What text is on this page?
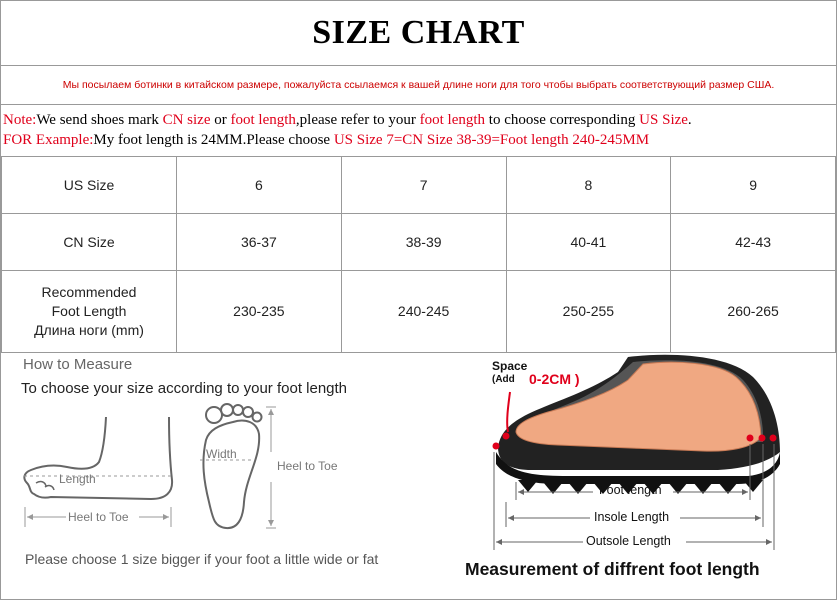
SIZE CHART
Мы посылаем ботинки в китайском размере, пожалуйста ссылаемся к вашей длине ноги для того чтобы выбрать соответствующий размер США.
Note:We send shoes mark CN size or foot length,please refer to your foot length to choose corresponding US Size.
FOR Example:My foot length is 24MM.Please choose US Size 7=CN Size 38-39=Foot length 240-245MM
US Size	6	7	8	9
CN Size	36-37	38-39	40-41	42-43

Recommended
Foot Length
Длина ноги (mm)	230-235	240-245	250-255	260-265
How to Measure
To choose your size according to your foot length
Length
Heel to Toe
Width
Heel to Toe
Please choose 1 size bigger if your foot a little wide or fat
Space
(Add 0-2CM )
Foot length
Insole Length
Outsole Length
Measurement of diffrent foot length
